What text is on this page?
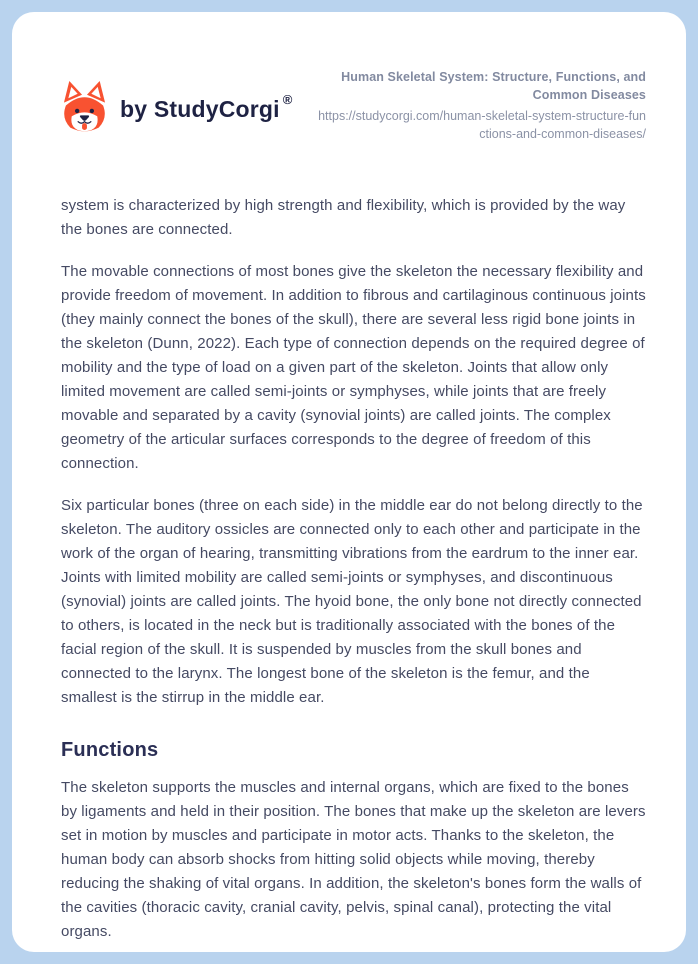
by StudyCorgi ®
Human Skeletal System: Structure, Functions, and Common Diseases
https://studycorgi.com/human-skeletal-system-structure-functions-and-common-diseases/

system is characterized by high strength and flexibility, which is provided by the way the bones are connected.

The movable connections of most bones give the skeleton the necessary flexibility and provide freedom of movement. In addition to fibrous and cartilaginous continuous joints (they mainly connect the bones of the skull), there are several less rigid bone joints in the skeleton (Dunn, 2022). Each type of connection depends on the required degree of mobility and the type of load on a given part of the skeleton. Joints that allow only limited movement are called semi-joints or symphyses, while joints that are freely movable and separated by a cavity (synovial joints) are called joints. The complex geometry of the articular surfaces corresponds to the degree of freedom of this connection.

Six particular bones (three on each side) in the middle ear do not belong directly to the skeleton. The auditory ossicles are connected only to each other and participate in the work of the organ of hearing, transmitting vibrations from the eardrum to the inner ear. Joints with limited mobility are called semi-joints or symphyses, and discontinuous (synovial) joints are called joints. The hyoid bone, the only bone not directly connected to others, is located in the neck but is traditionally associated with the bones of the facial region of the skull. It is suspended by muscles from the skull bones and connected to the larynx. The longest bone of the skeleton is the femur, and the smallest is the stirrup in the middle ear.

Functions

The skeleton supports the muscles and internal organs, which are fixed to the bones by ligaments and held in their position. The bones that make up the skeleton are levers set in motion by muscles and participate in motor acts. Thanks to the skeleton, the human body can absorb shocks from hitting solid objects while moving, thereby reducing the shaking of vital organs. In addition, the skeleton's bones form the walls of the cavities (thoracic cavity, cranial cavity, pelvis, spinal canal), protecting the vital organs.
